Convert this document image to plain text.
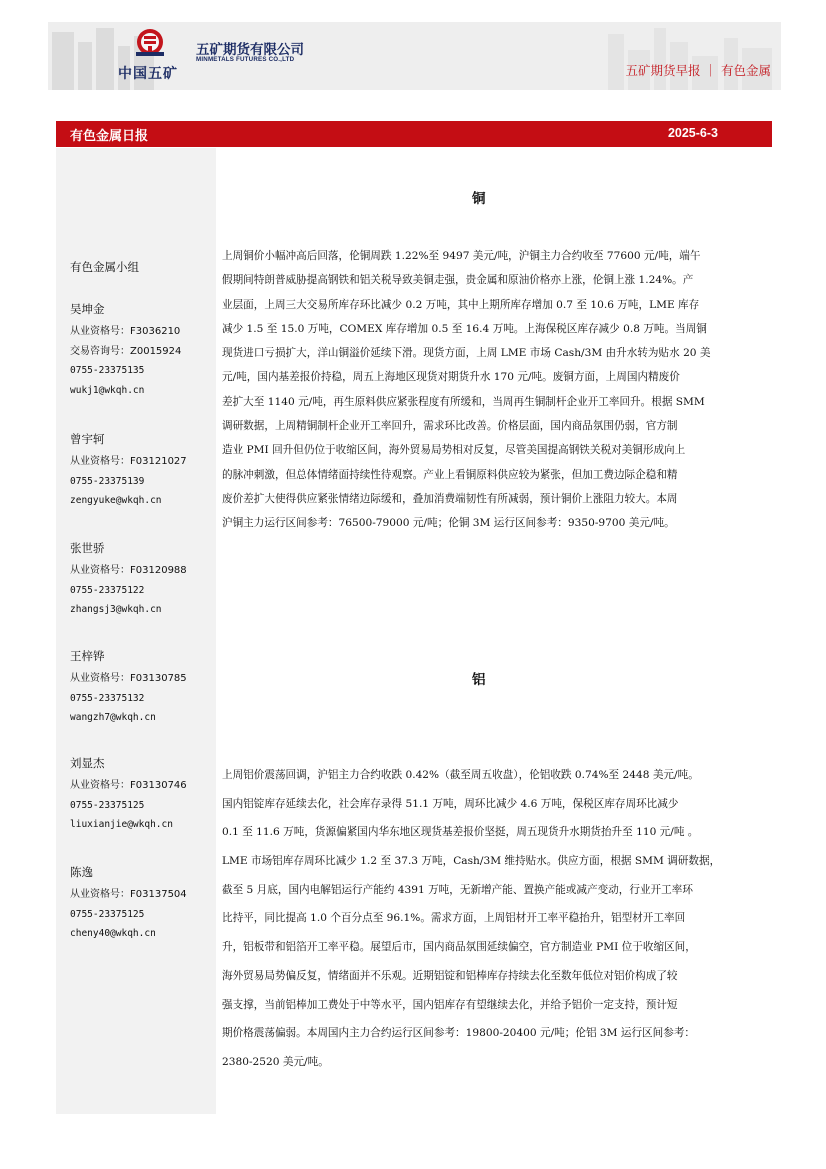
中国五矿
五矿期货有限公司
MINMETALS FUTURES CO.,LTD
五矿期货早报 ｜ 有色金属
有色金属日报	2025-6-3
有色金属小组
吴坤金
从业资格号：F3036210
交易咨询号：Z0015924
0755-23375135
wukj1@wkqh.cn
曾宇轲
从业资格号：F03121027
0755-23375139
zengyuke@wkqh.cn
张世骄
从业资格号：F03120988
0755-23375122
zhangsj3@wkqh.cn
王梓铧
从业资格号：F03130785
0755-23375132
wangzh7@wkqh.cn
刘显杰
从业资格号：F03130746
0755-23375125
liuxianjie@wkqh.cn
陈逸
从业资格号：F03137504
0755-23375125
cheny40@wkqh.cn
铜
上周铜价小幅冲高后回落，伦铜周跌 1.22%至 9497 美元/吨，沪铜主力合约收至 77600 元/吨，端午
假期间特朗普威胁提高钢铁和铝关税导致美铜走强，贵金属和原油价格亦上涨，伦铜上涨 1.24%。产
业层面，上周三大交易所库存环比减少 0.2 万吨，其中上期所库存增加 0.7 至 10.6 万吨，LME 库存
减少 1.5 至 15.0 万吨，COMEX 库存增加 0.5 至 16.4 万吨。上海保税区库存减少 0.8 万吨。当周铜
现货进口亏损扩大，洋山铜溢价延续下滑。现货方面，上周 LME 市场 Cash/3M 由升水转为贴水 20 美
元/吨，国内基差报价持稳，周五上海地区现货对期货升水 170 元/吨。废铜方面，上周国内精废价
差扩大至 1140 元/吨，再生原料供应紧张程度有所缓和，当周再生铜制杆企业开工率回升。根据 SMM
调研数据，上周精铜制杆企业开工率回升，需求环比改善。价格层面，国内商品氛围仍弱，官方制
造业 PMI 回升但仍位于收缩区间，海外贸易局势相对反复，尽管美国提高钢铁关税对美铜形成向上
的脉冲刺激，但总体情绪面持续性待观察。产业上看铜原料供应较为紧张，但加工费边际企稳和精
废价差扩大使得供应紧张情绪边际缓和，叠加消费端韧性有所减弱，预计铜价上涨阻力较大。本周
沪铜主力运行区间参考：76500-79000 元/吨；伦铜 3M 运行区间参考：9350-9700 美元/吨。
铝
上周铝价震荡回调，沪铝主力合约收跌 0.42%（截至周五收盘），伦铝收跌 0.74%至 2448 美元/吨。
国内铝锭库存延续去化，社会库存录得 51.1 万吨，周环比减少 4.6 万吨，保税区库存周环比减少
0.1 至 11.6 万吨，货源偏紧国内华东地区现货基差报价坚挺，周五现货升水期货抬升至 110 元/吨 。
LME 市场铝库存周环比减少 1.2 至 37.3 万吨，Cash/3M 维持贴水。供应方面，根据 SMM 调研数据，
截至 5 月底，国内电解铝运行产能约 4391 万吨，无新增产能、置换产能或减产变动，行业开工率环
比持平，同比提高 1.0 个百分点至 96.1%。需求方面，上周铝材开工率平稳抬升，铝型材开工率回
升，铝板带和铝箔开工率平稳。展望后市，国内商品氛围延续偏空，官方制造业 PMI 位于收缩区间，
海外贸易局势偏反复，情绪面并不乐观。近期铝锭和铝棒库存持续去化至数年低位对铝价构成了较
强支撑，当前铝棒加工费处于中等水平，国内铝库存有望继续去化，并给予铝价一定支持，预计短
期价格震荡偏弱。本周国内主力合约运行区间参考：19800-20400 元/吨；伦铝 3M 运行区间参考：
2380-2520 美元/吨。
